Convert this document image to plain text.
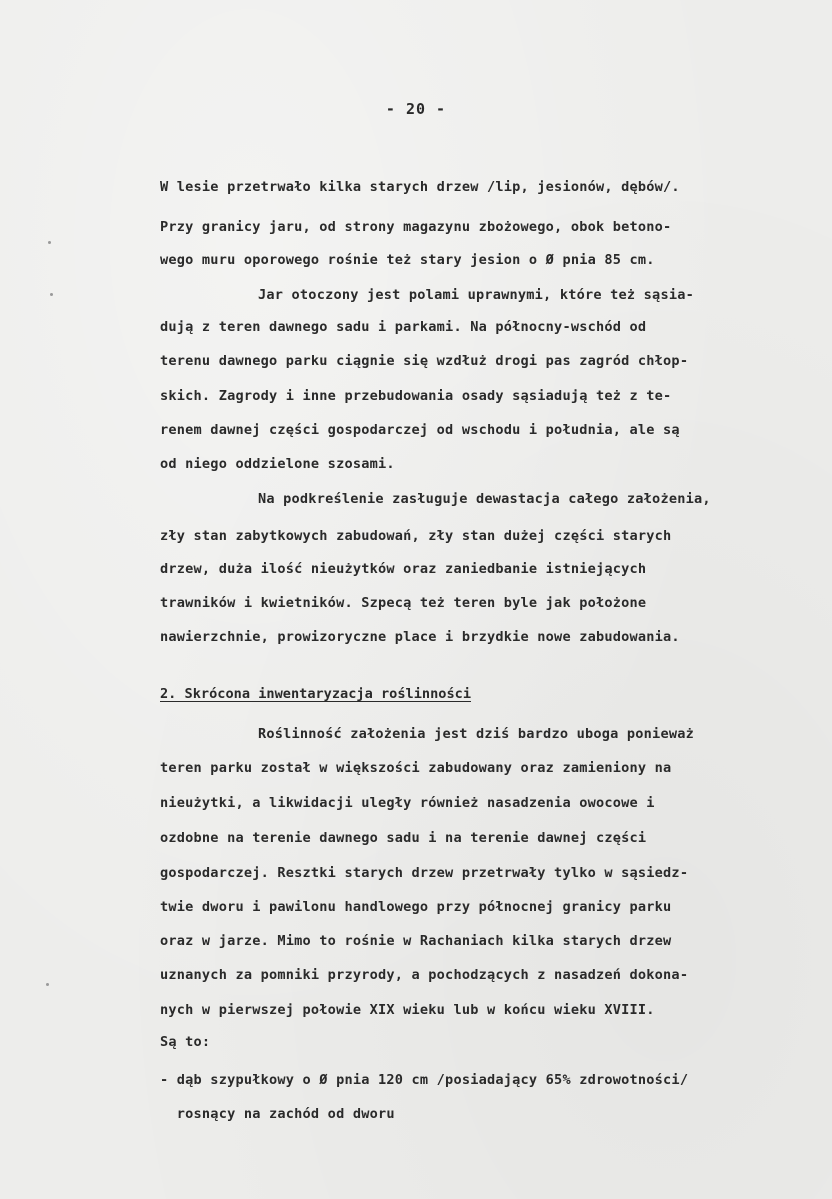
- 20 -
W lesie przetrwało kilka starych drzew /lip, jesionów, dębów/.
Przy granicy jaru, od strony magazynu zbożowego, obok betono-
wego muru oporowego rośnie też stary jesion o Ø pnia 85 cm.
Jar otoczony jest polami uprawnymi, które też sąsia-
dują z teren dawnego sadu i parkami. Na północny-wschód od
terenu dawnego parku ciągnie się wzdłuż drogi pas zagród chłop-
skich. Zagrody i inne przebudowania osady sąsiadują też z te-
renem dawnej części gospodarczej od wschodu i południa, ale są
od niego oddzielone szosami.
Na podkreślenie zasługuje dewastacja całego założenia,
zły stan zabytkowych zabudowań, zły stan dużej części starych
drzew, duża ilość nieużytków oraz zaniedbanie istniejących
trawników i kwietników. Szpecą też teren byle jak położone
nawierzchnie, prowizoryczne place i brzydkie nowe zabudowania.
2. Skrócona inwentaryzacja roślinności
Roślinność założenia jest dziś bardzo uboga ponieważ
teren parku został w większości zabudowany oraz zamieniony na
nieużytki, a likwidacji uległy również nasadzenia owocowe i
ozdobne na terenie dawnego sadu i na terenie dawnej części
gospodarczej. Resztki starych drzew przetrwały tylko w sąsiedz-
twie dworu i pawilonu handlowego przy północnej granicy parku
oraz w jarze. Mimo to rośnie w Rachaniach kilka starych drzew
uznanych za pomniki przyrody, a pochodzących z nasadzeń dokona-
nych w pierwszej połowie XIX wieku lub w końcu wieku XVIII.
Są to:
- dąb szypułkowy o Ø pnia 120 cm /posiadający 65% zdrowotności/
rosnący na zachód od dworu
